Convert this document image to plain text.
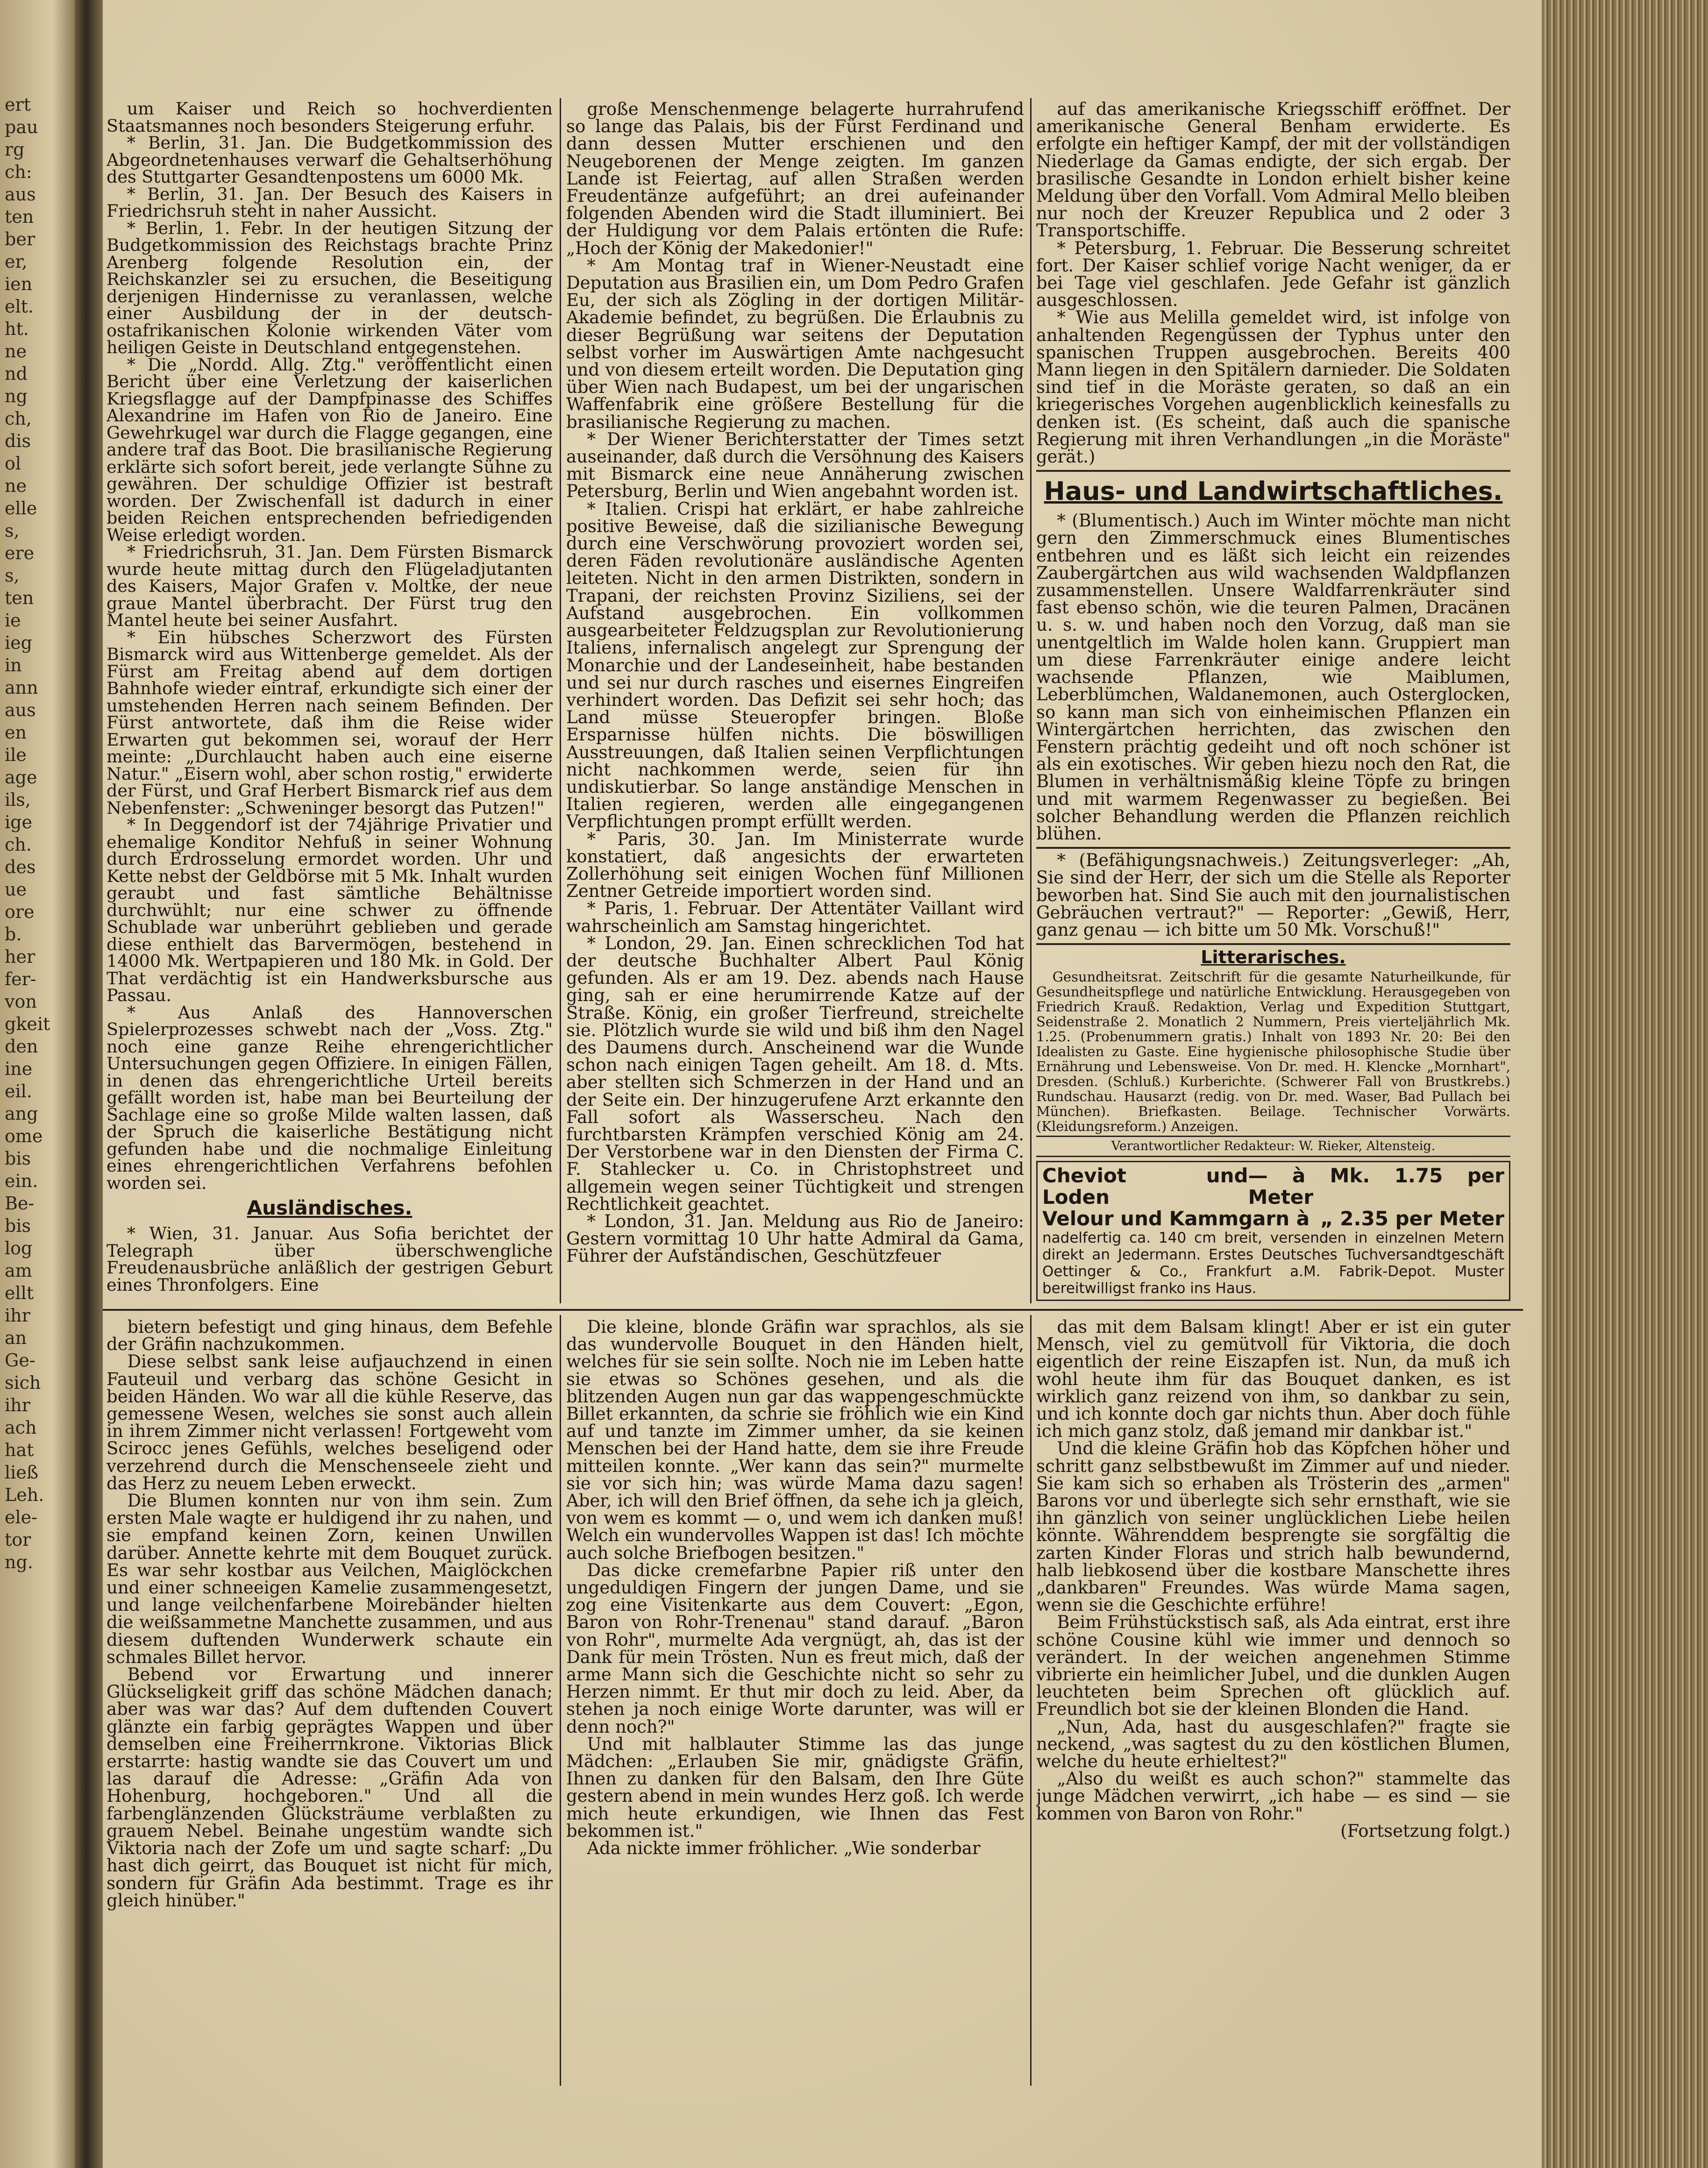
ert
pau
rg
ch:
aus
ten
ber
er,
ien
elt.
ht.
ne
nd
ng
ch,
dis
ol
ne
elle
s,
ere
s,
ten
ie
ieg
in
ann
aus
en
ile
age
ils,
ige
ch.
des
ue
ore
b.
her
fer-
von
gkeit
den
ine
eil.
ang
ome
bis
ein.
Be-
bis
log
am
ellt
ihr
an
Ge-
sich
ihr
ach
hat
ließ
Leh.
ele-
tor
ng.

um Kaiser und Reich so hochverdienten Staatsmannes noch besonders Steigerung erfuhr.

* Berlin, 31. Jan. Die Budgetkommission des Abgeordnetenhauses verwarf die Gehaltserhöhung des Stuttgarter Gesandtenpostens um 6000 Mk.

* Berlin, 31. Jan. Der Besuch des Kaisers in Friedrichsruh steht in naher Aussicht.

* Berlin, 1. Febr. In der heutigen Sitzung der Budgetkommission des Reichstags brachte Prinz Arenberg folgende Resolution ein, der Reichskanzler sei zu ersuchen, die Beseitigung derjenigen Hindernisse zu veranlassen, welche einer Ausbildung der in der deutsch-ostafrikanischen Kolonie wirkenden Väter vom heiligen Geiste in Deutschland entgegenstehen.

* Die „Nordd. Allg. Ztg." veröffentlicht einen Bericht über eine Verletzung der kaiserlichen Kriegsflagge auf der Dampfpinasse des Schiffes Alexandrine im Hafen von Rio de Janeiro. Eine Gewehrkugel war durch die Flagge gegangen, eine andere traf das Boot. Die brasilianische Regierung erklärte sich sofort bereit, jede verlangte Sühne zu gewähren. Der schuldige Offizier ist bestraft worden. Der Zwischenfall ist dadurch in einer beiden Reichen entsprechenden befriedigenden Weise erledigt worden.

* Friedrichsruh, 31. Jan. Dem Fürsten Bismarck wurde heute mittag durch den Flügeladjutanten des Kaisers, Major Grafen v. Moltke, der neue graue Mantel überbracht. Der Fürst trug den Mantel heute bei seiner Ausfahrt.

* Ein hübsches Scherzwort des Fürsten Bismarck wird aus Wittenberge gemeldet. Als der Fürst am Freitag abend auf dem dortigen Bahnhofe wieder eintraf, erkundigte sich einer der umstehenden Herren nach seinem Befinden. Der Fürst antwortete, daß ihm die Reise wider Erwarten gut bekommen sei, worauf der Herr meinte: „Durchlaucht haben auch eine eiserne Natur." „Eisern wohl, aber schon rostig," erwiderte der Fürst, und Graf Herbert Bismarck rief aus dem Nebenfenster: „Schweninger besorgt das Putzen!"

* In Deggendorf ist der 74jährige Privatier und ehemalige Konditor Nehfuß in seiner Wohnung durch Erdrosselung ermordet worden. Uhr und Kette nebst der Geldbörse mit 5 Mk. Inhalt wurden geraubt und fast sämtliche Behältnisse durchwühlt; nur eine schwer zu öffnende Schublade war unberührt geblieben und gerade diese enthielt das Barvermögen, bestehend in 14000 Mk. Wertpapieren und 180 Mk. in Gold. Der That verdächtig ist ein Handwerksbursche aus Passau.

* Aus Anlaß des Hannoverschen Spielerprozesses schwebt nach der „Voss. Ztg." noch eine ganze Reihe ehrengerichtlicher Untersuchungen gegen Offiziere. In einigen Fällen, in denen das ehrengerichtliche Urteil bereits gefällt worden ist, habe man bei Beurteilung der Sachlage eine so große Milde walten lassen, daß der Spruch die kaiserliche Bestätigung nicht gefunden habe und die nochmalige Einleitung eines ehrengerichtlichen Verfahrens befohlen worden sei.

Ausländisches.

* Wien, 31. Januar. Aus Sofia berichtet der Telegraph über überschwengliche Freudenausbrüche anläßlich der gestrigen Geburt eines Thronfolgers. Eine

große Menschenmenge belagerte hurrahrufend so lange das Palais, bis der Fürst Ferdinand und dann dessen Mutter erschienen und den Neugeborenen der Menge zeigten. Im ganzen Lande ist Feiertag, auf allen Straßen werden Freudentänze aufgeführt; an drei aufeinander folgenden Abenden wird die Stadt illuminiert. Bei der Huldigung vor dem Palais ertönten die Rufe: „Hoch der König der Makedonier!"

* Am Montag traf in Wiener-Neustadt eine Deputation aus Brasilien ein, um Dom Pedro Grafen Eu, der sich als Zögling in der dortigen Militär-Akademie befindet, zu begrüßen. Die Erlaubnis zu dieser Begrüßung war seitens der Deputation selbst vorher im Auswärtigen Amte nachgesucht und von diesem erteilt worden. Die Deputation ging über Wien nach Budapest, um bei der ungarischen Waffenfabrik eine größere Bestellung für die brasilianische Regierung zu machen.

* Der Wiener Berichterstatter der Times setzt auseinander, daß durch die Versöhnung des Kaisers mit Bismarck eine neue Annäherung zwischen Petersburg, Berlin und Wien angebahnt worden ist.

* Italien. Crispi hat erklärt, er habe zahlreiche positive Beweise, daß die sizilianische Bewegung durch eine Verschwörung provoziert worden sei, deren Fäden revolutionäre ausländische Agenten leiteten. Nicht in den armen Distrikten, sondern in Trapani, der reichsten Provinz Siziliens, sei der Aufstand ausgebrochen. Ein vollkommen ausgearbeiteter Feldzugsplan zur Revolutionierung Italiens, infernalisch angelegt zur Sprengung der Monarchie und der Landeseinheit, habe bestanden und sei nur durch rasches und eisernes Eingreifen verhindert worden. Das Defizit sei sehr hoch; das Land müsse Steueropfer bringen. Bloße Ersparnisse hülfen nichts. Die böswilligen Ausstreuungen, daß Italien seinen Verpflichtungen nicht nachkommen werde, seien für ihn undiskutierbar. So lange anständige Menschen in Italien regieren, werden alle eingegangenen Verpflichtungen prompt erfüllt werden.

* Paris, 30. Jan. Im Ministerrate wurde konstatiert, daß angesichts der erwarteten Zollerhöhung seit einigen Wochen fünf Millionen Zentner Getreide importiert worden sind.

* Paris, 1. Februar. Der Attentäter Vaillant wird wahrscheinlich am Samstag hingerichtet.

* London, 29. Jan. Einen schrecklichen Tod hat der deutsche Buchhalter Albert Paul König gefunden. Als er am 19. Dez. abends nach Hause ging, sah er eine herumirrende Katze auf der Straße. König, ein großer Tierfreund, streichelte sie. Plötzlich wurde sie wild und biß ihm den Nagel des Daumens durch. Anscheinend war die Wunde schon nach einigen Tagen geheilt. Am 18. d. Mts. aber stellten sich Schmerzen in der Hand und an der Seite ein. Der hinzugerufene Arzt erkannte den Fall sofort als Wasserscheu. Nach den furchtbarsten Krämpfen verschied König am 24. Der Verstorbene war in den Diensten der Firma C. F. Stahlecker u. Co. in Christophstreet und allgemein wegen seiner Tüchtigkeit und strengen Rechtlichkeit geachtet.

* London, 31. Jan. Meldung aus Rio de Janeiro: Gestern vormittag 10 Uhr hatte Admiral da Gama, Führer der Aufständischen, Geschützfeuer

auf das amerikanische Kriegsschiff eröffnet. Der amerikanische General Benham erwiderte. Es erfolgte ein heftiger Kampf, der mit der vollständigen Niederlage da Gamas endigte, der sich ergab. Der brasilische Gesandte in London erhielt bisher keine Meldung über den Vorfall. Vom Admiral Mello bleiben nur noch der Kreuzer Republica und 2 oder 3 Transportschiffe.

* Petersburg, 1. Februar. Die Besserung schreitet fort. Der Kaiser schlief vorige Nacht weniger, da er bei Tage viel geschlafen. Jede Gefahr ist gänzlich ausgeschlossen.

* Wie aus Melilla gemeldet wird, ist infolge von anhaltenden Regengüssen der Typhus unter den spanischen Truppen ausgebrochen. Bereits 400 Mann liegen in den Spitälern darnieder. Die Soldaten sind tief in die Moräste geraten, so daß an ein kriegerisches Vorgehen augenblicklich keinesfalls zu denken ist. (Es scheint, daß auch die spanische Regierung mit ihren Verhandlungen „in die Moräste" gerät.)

Haus- und Landwirtschaftliches.

* (Blumentisch.) Auch im Winter möchte man nicht gern den Zimmerschmuck eines Blumentisches entbehren und es läßt sich leicht ein reizendes Zaubergärtchen aus wild wachsenden Waldpflanzen zusammenstellen. Unsere Waldfarrenkräuter sind fast ebenso schön, wie die teuren Palmen, Dracänen u. s. w. und haben noch den Vorzug, daß man sie unentgeltlich im Walde holen kann. Gruppiert man um diese Farrenkräuter einige andere leicht wachsende Pflanzen, wie Maiblumen, Leberblümchen, Waldanemonen, auch Osterglocken, so kann man sich von einheimischen Pflanzen ein Wintergärtchen herrichten, das zwischen den Fenstern prächtig gedeiht und oft noch schöner ist als ein exotisches. Wir geben hiezu noch den Rat, die Blumen in verhältnismäßig kleine Töpfe zu bringen und mit warmem Regenwasser zu begießen. Bei solcher Behandlung werden die Pflanzen reichlich blühen.

* (Befähigungsnachweis.) Zeitungsverleger: „Ah, Sie sind der Herr, der sich um die Stelle als Reporter beworben hat. Sind Sie auch mit den journalistischen Gebräuchen vertraut?" — Reporter: „Gewiß, Herr, ganz genau — ich bitte um 50 Mk. Vorschuß!"

Litterarisches.

Gesundheitsrat. Zeitschrift für die gesamte Naturheilkunde, für Gesundheitspflege und natürliche Entwicklung. Herausgegeben von Friedrich Krauß. Redaktion, Verlag und Expedition Stuttgart, Seidenstraße 2. Monatlich 2 Nummern, Preis vierteljährlich Mk. 1.25. (Probenummern gratis.) Inhalt von 1893 Nr. 20: Bei den Idealisten zu Gaste. Eine hygienische philosophische Studie über Ernährung und Lebensweise. Von Dr. med. H. Klencke „Mornhart", Dresden. (Schluß.) Kurberichte. (Schwerer Fall von Brustkrebs.) Rundschau. Hausarzt (redig. von Dr. med. Waser, Bad Pullach bei München). Briefkasten. Beilage. Technischer Vorwärts. (Kleidungsreform.) Anzeigen.

Verantwortlicher Redakteur: W. Rieker, Altensteig.
Cheviot und Loden
— à Mk. 1.75 per Meter
Velour und Kammgarn à „ 2.35 per Meter
nadelfertig ca. 140 cm breit, versenden in einzelnen Metern direkt an Jedermann. Erstes Deutsches Tuchversandtgeschäft Oettinger & Co., Frankfurt a.M. Fabrik-Depot. Muster bereitwilligst franko ins Haus.

bietern befestigt und ging hinaus, dem Befehle der Gräfin nachzukommen.

Diese selbst sank leise aufjauchzend in einen Fauteuil und verbarg das schöne Gesicht in beiden Händen. Wo war all die kühle Reserve, das gemessene Wesen, welches sie sonst auch allein in ihrem Zimmer nicht verlassen! Fortgeweht vom Scirocc jenes Gefühls, welches beseligend oder verzehrend durch die Menschenseele zieht und das Herz zu neuem Leben erweckt.

Die Blumen konnten nur von ihm sein. Zum ersten Male wagte er huldigend ihr zu nahen, und sie empfand keinen Zorn, keinen Unwillen darüber. Annette kehrte mit dem Bouquet zurück. Es war sehr kostbar aus Veilchen, Maiglöckchen und einer schneeigen Kamelie zusammengesetzt, und lange veilchenfarbene Moirebänder hielten die weißsammetne Manchette zusammen, und aus diesem duftenden Wunderwerk schaute ein schmales Billet hervor.

Bebend vor Erwartung und innerer Glückseligkeit griff das schöne Mädchen danach; aber was war das? Auf dem duftenden Couvert glänzte ein farbig geprägtes Wappen und über demselben eine Freiherrnkrone. Viktorias Blick erstarrte: hastig wandte sie das Couvert um und las darauf die Adresse: „Gräfin Ada von Hohenburg, hochgeboren." Und all die farbenglänzenden Glücksträume verblaßten zu grauem Nebel. Beinahe ungestüm wandte sich Viktoria nach der Zofe um und sagte scharf: „Du hast dich geirrt, das Bouquet ist nicht für mich, sondern für Gräfin Ada bestimmt. Trage es ihr gleich hinüber."

Die kleine, blonde Gräfin war sprachlos, als sie das wundervolle Bouquet in den Händen hielt, welches für sie sein sollte. Noch nie im Leben hatte sie etwas so Schönes gesehen, und als die blitzenden Augen nun gar das wappengeschmückte Billet erkannten, da schrie sie fröhlich wie ein Kind auf und tanzte im Zimmer umher, da sie keinen Menschen bei der Hand hatte, dem sie ihre Freude mitteilen konnte. „Wer kann das sein?" murmelte sie vor sich hin; was würde Mama dazu sagen! Aber, ich will den Brief öffnen, da sehe ich ja gleich, von wem es kommt — o, und wem ich danken muß! Welch ein wundervolles Wappen ist das! Ich möchte auch solche Briefbogen besitzen."

Das dicke cremefarbne Papier riß unter den ungeduldigen Fingern der jungen Dame, und sie zog eine Visitenkarte aus dem Couvert: „Egon, Baron von Rohr-Trenenau" stand darauf. „Baron von Rohr", murmelte Ada vergnügt, ah, das ist der Dank für mein Trösten. Nun es freut mich, daß der arme Mann sich die Geschichte nicht so sehr zu Herzen nimmt. Er thut mir doch zu leid. Aber, da stehen ja noch einige Worte darunter, was will er denn noch?"

Und mit halblauter Stimme las das junge Mädchen: „Erlauben Sie mir, gnädigste Gräfin, Ihnen zu danken für den Balsam, den Ihre Güte gestern abend in mein wundes Herz goß. Ich werde mich heute erkundigen, wie Ihnen das Fest bekommen ist."

Ada nickte immer fröhlicher. „Wie sonderbar

das mit dem Balsam klingt! Aber er ist ein guter Mensch, viel zu gemütvoll für Viktoria, die doch eigentlich der reine Eiszapfen ist. Nun, da muß ich wohl heute ihm für das Bouquet danken, es ist wirklich ganz reizend von ihm, so dankbar zu sein, und ich konnte doch gar nichts thun. Aber doch fühle ich mich ganz stolz, daß jemand mir dankbar ist."

Und die kleine Gräfin hob das Köpfchen höher und schritt ganz selbstbewußt im Zimmer auf und nieder. Sie kam sich so erhaben als Trösterin des „armen" Barons vor und überlegte sich sehr ernsthaft, wie sie ihn gänzlich von seiner unglücklichen Liebe heilen könnte. Währenddem besprengte sie sorgfältig die zarten Kinder Floras und strich halb bewundernd, halb liebkosend über die kostbare Manschette ihres „dankbaren" Freundes. Was würde Mama sagen, wenn sie die Geschichte erführe!

Beim Frühstückstisch saß, als Ada eintrat, erst ihre schöne Cousine kühl wie immer und dennoch so verändert. In der weichen angenehmen Stimme vibrierte ein heimlicher Jubel, und die dunklen Augen leuchteten beim Sprechen oft glücklich auf. Freundlich bot sie der kleinen Blonden die Hand.

„Nun, Ada, hast du ausgeschlafen?" fragte sie neckend, „was sagtest du zu den köstlichen Blumen, welche du heute erhieltest?"

„Also du weißt es auch schon?" stammelte das junge Mädchen verwirrt, „ich habe — es sind — sie kommen von Baron von Rohr."

(Fortsetzung folgt.)
